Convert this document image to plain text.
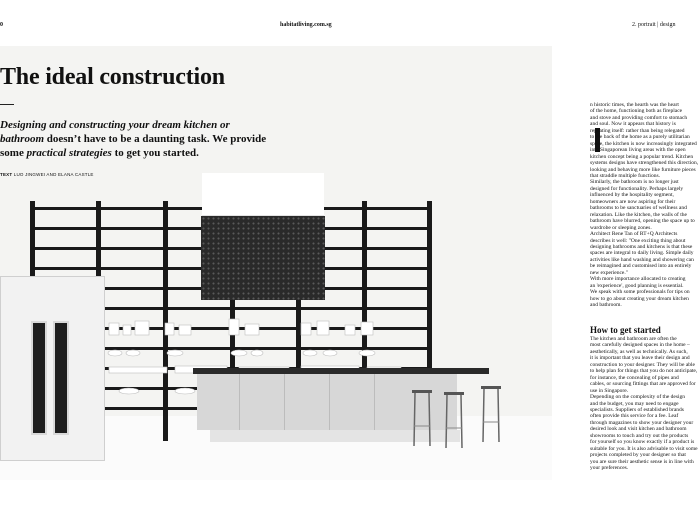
0	habitatliving.com.sg	2. portrait | design
The ideal construction

Designing and constructing your dream kitchen or bathroom doesn’t have to be a daunting task. We provide some practical strategies to get you started.

TEXT LUO JINGWEI AND ELANA CASTLE
n historic times, the hearth was the heart
of the home, functioning both as fireplace
and stove and providing comfort to stomach
and soul. Now it appears that history is
repeating itself: rather than being relegated
to the back of the home as a purely utilitarian
space, the kitchen is now increasingly integrated
into Singaporean living areas with the open
kitchen concept being a popular trend. Kitchen
systems designs have strengthened this direction,
looking and behaving more like furniture pieces
that straddle multiple functions.
Similarly, the bathroom is no longer just
designed for functionality. Perhaps largely
influenced by the hospitality segment,
homeowners are now aspiring for their
bathrooms to be sanctuaries of wellness and
relaxation. Like the kitchen, the walls of the
bathroom have blurred, opening the space up to
wardrobe or sleeping zones.
Architect Rene Tan of RT+Q Architects
describes it well: "One exciting thing about
designing bathrooms and kitchens is that these
spaces are integral to daily living. Simple daily
activities like hand washing and showering can
be reimagined and customised into an entirely
new experience."
With more importance allocated to creating
an 'experience', good planning is essential.
We speak with some professionals for tips on
how to go about creating your dream kitchen
and bathroom.
How to get started
The kitchen and bathroom are often the
most carefully designed spaces in the home –
aesthetically, as well as technically. As such,
it is important that you leave their design and
construction to your designer. They will be able
to help plan for things that you do not anticipate,
for instance, the concealing of pipes and
cables, or sourcing fittings that are approved for
use in Singapore.
Depending on the complexity of the design
and the budget, you may need to engage
specialists. Suppliers of established brands
often provide this service for a fee. Leaf
through magazines to show your designer your
desired look and visit kitchen and bathroom
showrooms to touch and try out the products
for yourself so you know exactly if a product is
suitable for you. It is also advisable to visit some
projects completed by your designer so that
you are sure their aesthetic sense is in line with
your preferences.
